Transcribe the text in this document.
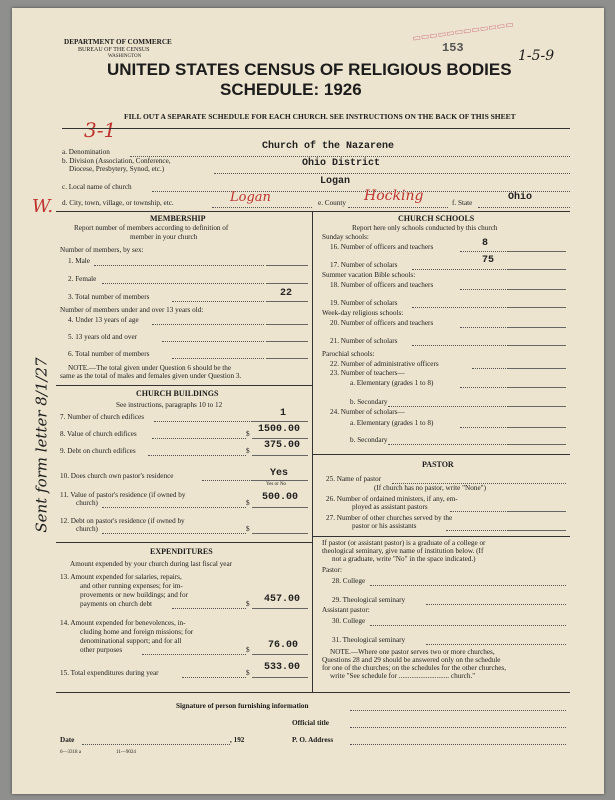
DEPARTMENT OF COMMERCE
BUREAU OF THE CENSUS
WASHINGTON
UNITED STATES CENSUS OF RELIGIOUS BODIES
SCHEDULE: 1926
FILL OUT A SEPARATE SCHEDULE FOR EACH CHURCH. SEE INSTRUCTIONS ON THE BACK OF THIS SHEET
153	1-5-9
3-1
W.
▭▭▭▭▭▭▭▭▭▭▭▭
a. Denomination	Church of the Nazarene
b. Division (Association, Conference,
Diocese, Presbytery, Synod, etc.)	Ohio District
c. Local name of church	Logan
d. City, town, village, or township, etc.	Logan	e. County Hocking	f. State	Ohio
MEMBERSHIP
Report number of members according to definition of
member in your church
Number of members, by sex:
1. Male
2. Female
3. Total number of members	22
Number of members under and over 13 years old:
4. Under 13 years of age
5. 13 years old and over
6. Total number of members
NOTE.—The total given under Question 6 should be the
same as the total of males and females given under Question 3.
CHURCH BUILDINGS
See instructions, paragraphs 10 to 12
7. Number of church edifices	1
8. Value of church edifices	$ 1500.00
9. Debt on church edifices	$ 375.00
10. Does church own pastor's residence	Yes
Yes or No
11. Value of pastor's residence (if owned by
church)	$ 500.00
12. Debt on pastor's residence (if owned by
church)	$
EXPENDITURES
Amount expended by your church during last fiscal year
13. Amount expended for salaries, repairs,
and other running expenses; for im-
provements or new buildings; and for
payments on church debt	$ 457.00
14. Amount expended for benevolences, in-
cluding home and foreign missions; for
denominational support; and for all
other purposes	$ 76.00
15. Total expenditures during year	$ 533.00
CHURCH SCHOOLS
Report here only schools conducted by this church
Sunday schools:
16. Number of officers and teachers	8
17. Number of scholars	75
Summer vacation Bible schools:
18. Number of officers and teachers
19. Number of scholars
Week-day religious schools:
20. Number of officers and teachers
21. Number of scholars
Parochial schools:
22. Number of administrative officers
23. Number of teachers—
a. Elementary (grades 1 to 8)
b. Secondary
24. Number of scholars—
a. Elementary (grades 1 to 8)
b. Secondary
PASTOR
25. Name of pastor
(If church has no pastor, write "None")
26. Number of ordained ministers, if any, em-
ployed as assistant pastors
27. Number of other churches served by the
pastor or his assistants
If pastor (or assistant pastor) is a graduate of a college or
theological seminary, give name of institution below. (If
not a graduate, write "No" in the space indicated.)
Pastor:
28. College
29. Theological seminary
Assistant pastor:
30. College
31. Theological seminary
NOTE.—Where one pastor serves two or more churches,
Questions 28 and 29 should be answered only on the schedule
for one of the churches; on the schedules for the other churches,
write "See schedule for ............................ church."
Signature of person furnishing information
Official title
Date	, 192	P. O. Address
6—3318 a	11—9024
Sent form letter 8/1/27
